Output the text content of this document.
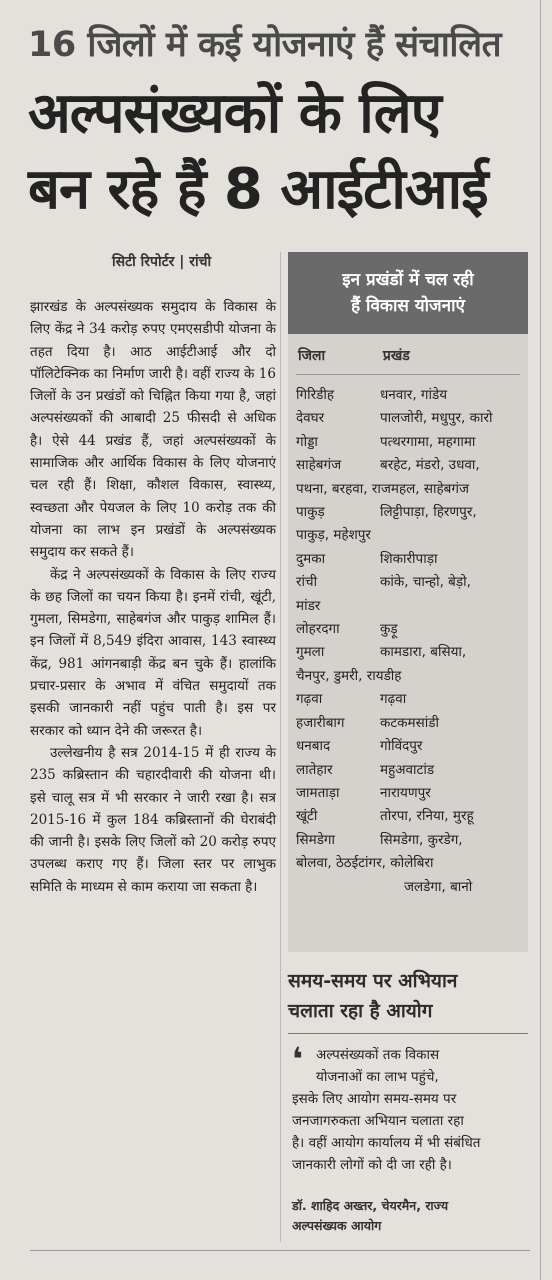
16 जिलों में कई योजनाएं हैं संचालित
अल्पसंख्यकों के लिए
बन रहे हैं 8 आईटीआई
सिटी रिपोर्टर | रांची

झारखंड के अल्पसंख्यक समुदाय के विकास के लिए केंद्र ने 34 करोड़ रुपए एमएसडीपी योजना के तहत दिया है। आठ आईटीआई और दो पॉलिटेक्निक का निर्माण जारी है। वहीं राज्य के 16 जिलों के उन प्रखंडों को चिह्नित किया गया है, जहां अल्पसंख्यकों की आबादी 25 फीसदी से अधिक है। ऐसे 44 प्रखंड हैं, जहां अल्पसंख्यकों के सामाजिक और आर्थिक विकास के लिए योजनाएं चल रही हैं। शिक्षा, कौशल विकास, स्वास्थ्य, स्वच्छता और पेयजल के लिए 10 करोड़ तक की योजना का लाभ इन प्रखंडों के अल्पसंख्यक समुदाय कर सकते हैं।

केंद्र ने अल्पसंख्यकों के विकास के लिए राज्य के छह जिलों का चयन किया है। इनमें रांची, खूंटी, गुमला, सिमडेगा, साहेबगंज और पाकुड़ शामिल हैं। इन जिलों में 8,549 इंदिरा आवास, 143 स्वास्थ्य केंद्र, 981 आंगनबाड़ी केंद्र बन चुके हैं। हालांकि प्रचार-प्रसार के अभाव में वंचित समुदायों तक इसकी जानकारी नहीं पहुंच पाती है। इस पर सरकार को ध्यान देने की जरूरत है।

उल्लेखनीय है सत्र 2014-15 में ही राज्य के 235 कब्रिस्तान की चहारदीवारी की योजना थी। इसे चालू सत्र में भी सरकार ने जारी रखा है। सत्र 2015-16 में कुल 184 कब्रिस्तानों की घेराबंदी की जानी है। इसके लिए जिलों को 20 करोड़ रुपए उपलब्ध कराए गए हैं। जिला स्तर पर लाभुक समिति के माध्यम से काम कराया जा सकता है।

इन प्रखंडों में चल रही
हैं विकास योजनाएं
जिला	प्रखंड
गिरिडीह	धनवार, गांडेय
देवघर	पालजोरी, मधुपुर, कारो
गोड्डा	पत्थरगामा, महगामा
साहेबगंज	बरहेट, मंडरो, उधवा,
पथना, बरहवा, राजमहल, साहेबगंज
पाकुड़	लिट्टीपाड़ा, हिरणपुर,
पाकुड़, महेशपुर
दुमका	शिकारीपाड़ा
रांची	कांके, चान्हो, बेड़ो,
मांडर
लोहरदगा	कुड़ू
गुमला	कामडारा, बसिया,
चैनपुर, डुमरी, रायडीह
गढ़वा	गढ़वा
हजारीबाग	कटकमसांडी
धनबाद	गोविंदपुर
लातेहार	महुअवाटांड
जामताड़ा	नारायणपुर
खूंटी	तोरपा, रनिया, मुरहू
सिमडेगा	सिमडेगा, कुरडेग,
बोलवा, ठेठईटांगर, कोलेबिरा
जलडेगा, बानो
समय-समय पर अभियान
चलाता रहा है आयोग
❛ अल्पसंख्यकों तक विकास
योजनाओं का लाभ पहुंचे,
इसके लिए आयोग समय-समय पर
जनजागरुकता अभियान चलाता रहा
है। वहीं आयोग कार्यालय में भी संबंधित
जानकारी लोगों को दी जा रही है।
डॉ. शाहिद अख्तर, चेयरमैन, राज्य
अल्पसंख्यक आयोग
